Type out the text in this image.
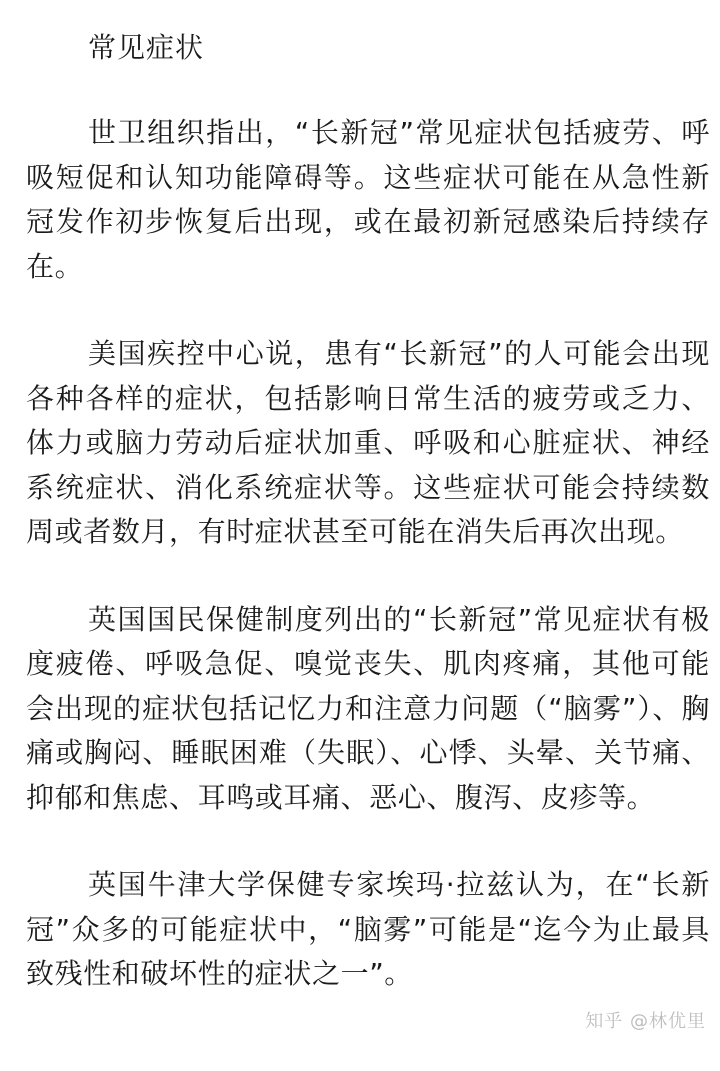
常见症状

世卫组织指出，“长新冠”常见症状包括疲劳、呼吸短促和认知功能障碍等。这些症状可能在从急性新冠发作初步恢复后出现，或在最初新冠感染后持续存在。

美国疾控中心说，患有“长新冠”的人可能会出现各种各样的症状，包括影响日常生活的疲劳或乏力、体力或脑力劳动后症状加重、呼吸和心脏症状、神经系统症状、消化系统症状等。这些症状可能会持续数周或者数月，有时症状甚至可能在消失后再次出现。

英国国民保健制度列出的“长新冠”常见症状有极度疲倦、呼吸急促、嗅觉丧失、肌肉疼痛，其他可能会出现的症状包括记忆力和注意力问题（“脑雾”）、胸痛或胸闷、睡眠困难（失眠）、心悸、头晕、关节痛、抑郁和焦虑、耳鸣或耳痛、恶心、腹泻、皮疹等。

英国牛津大学保健专家埃玛·拉兹认为，在“长新冠”众多的可能症状中，“脑雾”可能是“迄今为止最具致残性和破坏性的症状之一”。

知乎 @林优里
